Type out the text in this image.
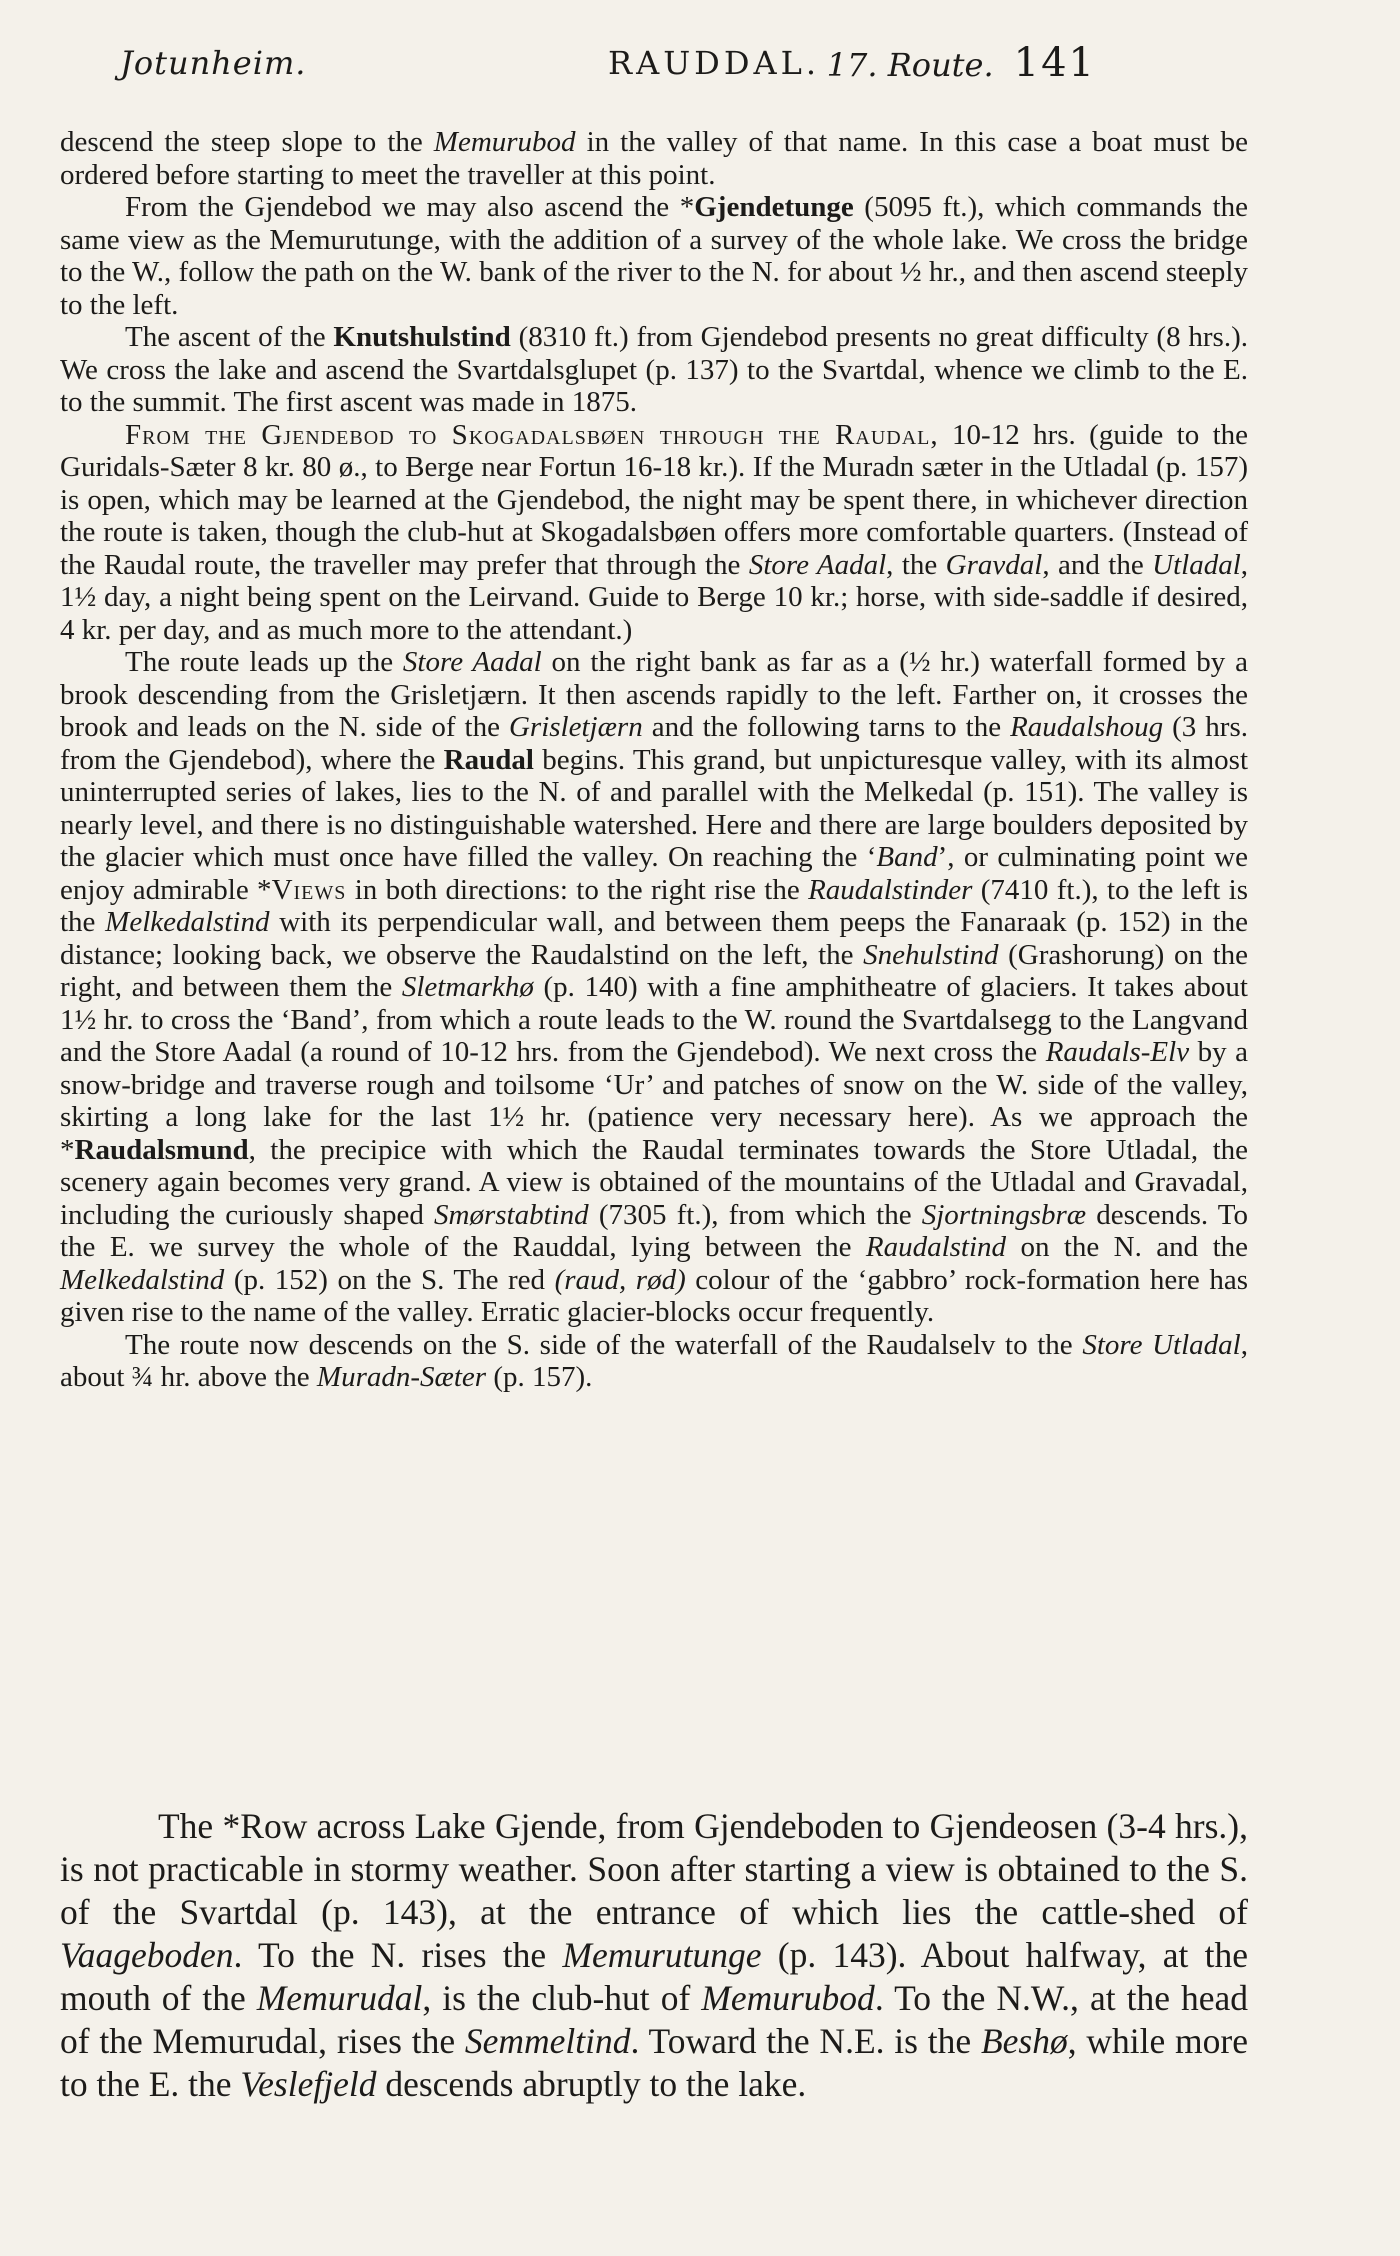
Jotunheim.	RAUDDAL. 17. Route. 141

descend the steep slope to the Memurubod in the valley of that name. In this case a boat must be ordered before starting to meet the traveller at this point.

From the Gjendebod we may also ascend the *Gjendetunge (5095 ft.), which commands the same view as the Memurutunge, with the addition of a survey of the whole lake. We cross the bridge to the W., follow the path on the W. bank of the river to the N. for about ½ hr., and then ascend steeply to the left.

The ascent of the Knutshulstind (8310 ft.) from Gjendebod presents no great difficulty (8 hrs.). We cross the lake and ascend the Svartdalsglupet (p. 137) to the Svartdal, whence we climb to the E. to the summit. The first ascent was made in 1875.

From the Gjendebod to Skogadalsbøen through the Raudal, 10-12 hrs. (guide to the Guridals-Sæter 8 kr. 80 ø., to Berge near Fortun 16-18 kr.). If the Muradn sæter in the Utladal (p. 157) is open, which may be learned at the Gjendebod, the night may be spent there, in whichever direction the route is taken, though the club-hut at Skogadalsbøen offers more comfortable quarters. (Instead of the Raudal route, the traveller may prefer that through the Store Aadal, the Gravdal, and the Utladal, 1½ day, a night being spent on the Leirvand. Guide to Berge 10 kr.; horse, with side-saddle if desired, 4 kr. per day, and as much more to the attendant.)

The route leads up the Store Aadal on the right bank as far as a (½ hr.) waterfall formed by a brook descending from the Grisletjærn. It then ascends rapidly to the left. Farther on, it crosses the brook and leads on the N. side of the Grisletjærn and the following tarns to the Raudalshoug (3 hrs. from the Gjendebod), where the Raudal begins. This grand, but unpicturesque valley, with its almost uninterrupted series of lakes, lies to the N. of and parallel with the Melkedal (p. 151). The valley is nearly level, and there is no distinguishable watershed. Here and there are large boulders deposited by the glacier which must once have filled the valley. On reaching the ‘Band’, or culminating point we enjoy admirable *Views in both directions: to the right rise the Raudalstinder (7410 ft.), to the left is the Melkedalstind with its perpendicular wall, and between them peeps the Fanaraak (p. 152) in the distance; looking back, we observe the Raudalstind on the left, the Snehulstind (Grashorung) on the right, and between them the Sletmarkhø (p. 140) with a fine amphitheatre of glaciers. It takes about 1½ hr. to cross the ‘Band’, from which a route leads to the W. round the Svartdalsegg to the Langvand and the Store Aadal (a round of 10-12 hrs. from the Gjendebod). We next cross the Raudals-Elv by a snow-bridge and traverse rough and toilsome ‘Ur’ and patches of snow on the W. side of the valley, skirting a long lake for the last 1½ hr. (patience very necessary here). As we approach the *Raudalsmund, the precipice with which the Raudal terminates towards the Store Utladal, the scenery again becomes very grand. A view is obtained of the mountains of the Utladal and Gravadal, including the curiously shaped Smørstabtind (7305 ft.), from which the Sjortningsbræ descends. To the E. we survey the whole of the Rauddal, lying between the Raudalstind on the N. and the Melkedalstind (p. 152) on the S. The red (raud, rød) colour of the ‘gabbro’ rock-formation here has given rise to the name of the valley. Erratic glacier-blocks occur frequently.

The route now descends on the S. side of the waterfall of the Raudalselv to the Store Utladal, about ¾ hr. above the Muradn-Sæter (p. 157).

The *Row across Lake Gjende, from Gjendeboden to Gjendeosen (3-4 hrs.), is not practicable in stormy weather. Soon after starting a view is obtained to the S. of the Svartdal (p. 143), at the entrance of which lies the cattle-shed of Vaageboden. To the N. rises the Memurutunge (p. 143). About halfway, at the mouth of the Memurudal, is the club-hut of Memurubod. To the N.W., at the head of the Memurudal, rises the Semmeltind. Toward the N.E. is the Beshø, while more to the E. the Veslefjeld descends abruptly to the lake.
